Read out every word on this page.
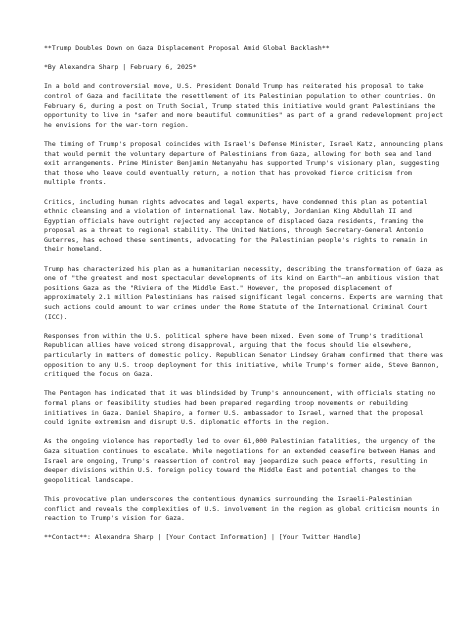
**Trump Doubles Down on Gaza Displacement Proposal Amid Global Backlash**

*By Alexandra Sharp | February 6, 2025*

In a bold and controversial move, U.S. President Donald Trump has reiterated his proposal to take control of Gaza and facilitate the resettlement of its Palestinian population to other countries. On February 6, during a post on Truth Social, Trump stated this initiative would grant Palestinians the opportunity to live in "safer and more beautiful communities" as part of a grand redevelopment project he envisions for the war-torn region.

The timing of Trump's proposal coincides with Israel's Defense Minister, Israel Katz, announcing plans that would permit the voluntary departure of Palestinians from Gaza, allowing for both sea and land exit arrangements. Prime Minister Benjamin Netanyahu has supported Trump's visionary plan, suggesting that those who leave could eventually return, a notion that has provoked fierce criticism from multiple fronts.

Critics, including human rights advocates and legal experts, have condemned this plan as potential ethnic cleansing and a violation of international law. Notably, Jordanian King Abdullah II and Egyptian officials have outright rejected any acceptance of displaced Gaza residents, framing the proposal as a threat to regional stability. The United Nations, through Secretary-General Antonio Guterres, has echoed these sentiments, advocating for the Palestinian people's rights to remain in their homeland.

Trump has characterized his plan as a humanitarian necessity, describing the transformation of Gaza as one of "the greatest and most spectacular developments of its kind on Earth"—an ambitious vision that positions Gaza as the "Riviera of the Middle East." However, the proposed displacement of approximately 2.1 million Palestinians has raised significant legal concerns. Experts are warning that such actions could amount to war crimes under the Rome Statute of the International Criminal Court (ICC).

Responses from within the U.S. political sphere have been mixed. Even some of Trump's traditional Republican allies have voiced strong disapproval, arguing that the focus should lie elsewhere, particularly in matters of domestic policy. Republican Senator Lindsey Graham confirmed that there was opposition to any U.S. troop deployment for this initiative, while Trump's former aide, Steve Bannon, critiqued the focus on Gaza.

The Pentagon has indicated that it was blindsided by Trump's announcement, with officials stating no formal plans or feasibility studies had been prepared regarding troop movements or rebuilding initiatives in Gaza. Daniel Shapiro, a former U.S. ambassador to Israel, warned that the proposal could ignite extremism and disrupt U.S. diplomatic efforts in the region.

As the ongoing violence has reportedly led to over 61,000 Palestinian fatalities, the urgency of the Gaza situation continues to escalate. While negotiations for an extended ceasefire between Hamas and Israel are ongoing, Trump's reassertion of control may jeopardize such peace efforts, resulting in deeper divisions within U.S. foreign policy toward the Middle East and potential changes to the geopolitical landscape.

This provocative plan underscores the contentious dynamics surrounding the Israeli-Palestinian conflict and reveals the complexities of U.S. involvement in the region as global criticism mounts in reaction to Trump's vision for Gaza.

**Contact**: Alexandra Sharp | [Your Contact Information] | [Your Twitter Handle]
